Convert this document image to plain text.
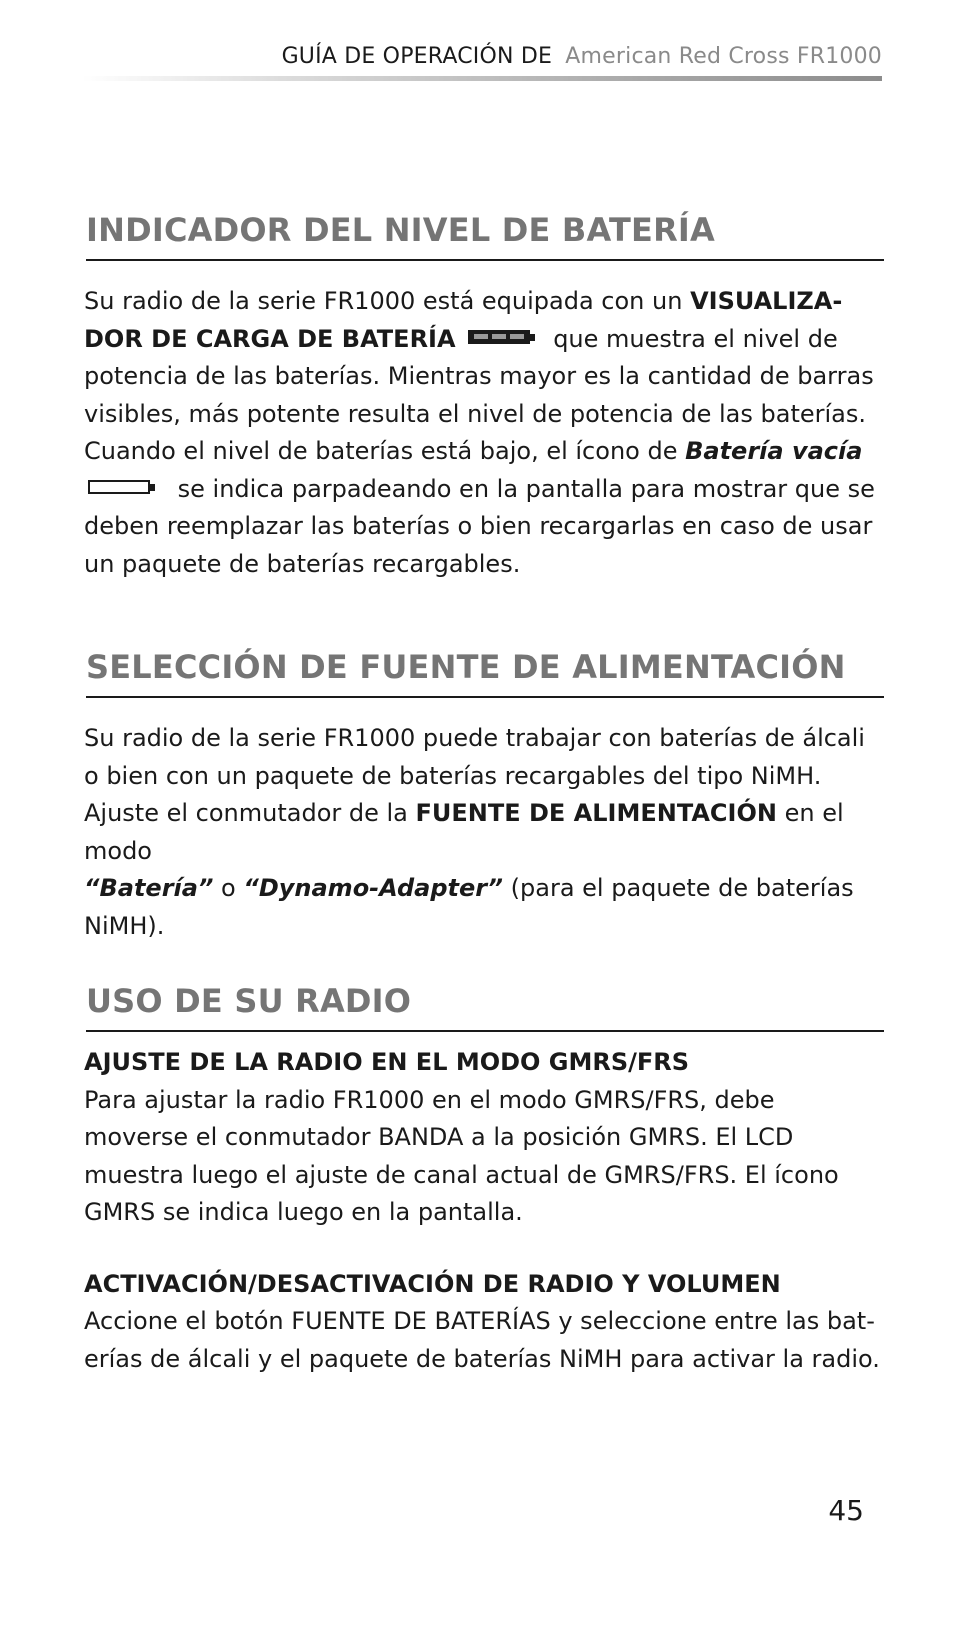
GUÍA DE OPERACIÓN DE American Red Cross FR1000
INDICADOR DEL NIVEL DE BATERÍA

Su radio de la serie FR1000 está equipada con un VISUALIZA-
DOR DE CARGA DE BATERÍA	que muestra el nivel de potencia de las baterías. Mientras mayor es la cantidad de barras visibles, más potente resulta el nivel de potencia de las baterías. Cuando el nivel de baterías está bajo, el ícono de Batería vacía

se indica parpadeando en la pantalla para mostrar que se deben reemplazar las baterías o bien recargarlas en caso de usar un paquete de baterías recargables.

SELECCIÓN DE FUENTE DE ALIMENTACIÓN

Su radio de la serie FR1000 puede trabajar con baterías de álcali o bien con un paquete de baterías recargables del tipo NiMH. Ajuste el conmutador de la FUENTE DE ALIMENTACIÓN en el modo
“Batería” o “Dynamo-Adapter” (para el paquete de baterías NiMH).

USO DE SU RADIO

AJUSTE DE LA RADIO EN EL MODO GMRS/FRS

Para ajustar la radio FR1000 en el modo GMRS/FRS, debe moverse el conmutador BANDA a la posición GMRS. El LCD muestra luego el ajuste de canal actual de GMRS/FRS. El ícono GMRS se indica luego en la pantalla.

ACTIVACIÓN/DESACTIVACIÓN DE RADIO Y VOLUMEN

Accione el botón FUENTE DE BATERÍAS y seleccione entre las bat-erías de álcali y el paquete de baterías NiMH para activar la radio.

45
